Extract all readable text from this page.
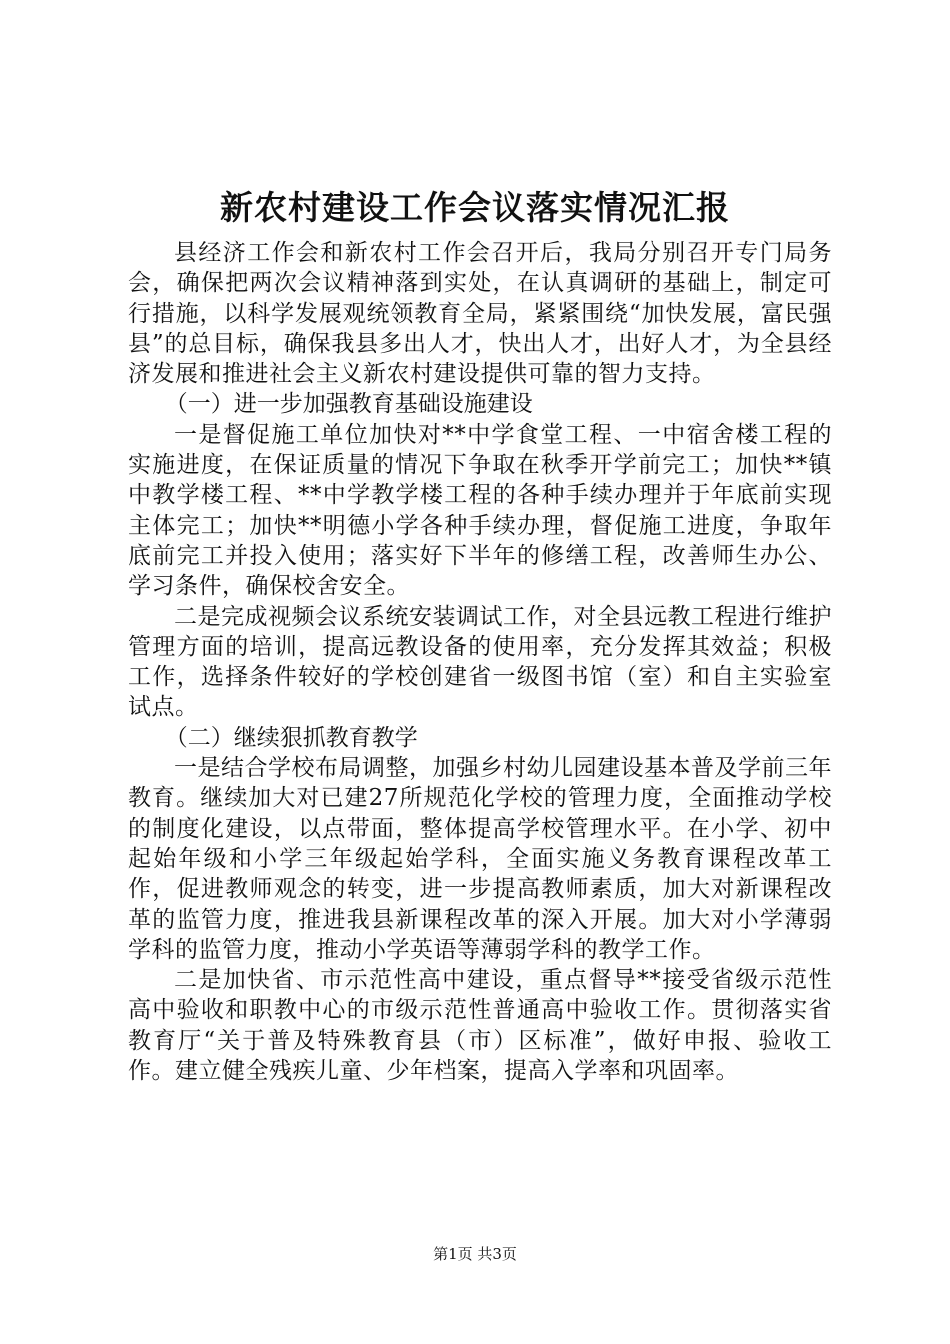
新农村建设工作会议落实情况汇报

县经济工作会和新农村工作会召开后，我局分别召开专门局务会，确保把两次会议精神落到实处，在认真调研的基础上，制定可行措施，以科学发展观统领教育全局，紧紧围绕“加快发展，富民强县”的总目标，确保我县多出人才，快出人才，出好人才，为全县经济发展和推进社会主义新农村建设提供可靠的智力支持。

（一）进一步加强教育基础设施建设

一是督促施工单位加快对**中学食堂工程、一中宿舍楼工程的实施进度，在保证质量的情况下争取在秋季开学前完工；加快**镇中教学楼工程、**中学教学楼工程的各种手续办理并于年底前实现主体完工；加快**明德小学各种手续办理，督促施工进度，争取年底前完工并投入使用；落实好下半年的修缮工程，改善师生办公、学习条件，确保校舍安全。

二是完成视频会议系统安装调试工作，对全县远教工程进行维护管理方面的培训，提高远教设备的使用率，充分发挥其效益；积极工作，选择条件较好的学校创建省一级图书馆（室）和自主实验室试点。

（二）继续狠抓教育教学

一是结合学校布局调整，加强乡村幼儿园建设基本普及学前三年教育。继续加大对已建27所规范化学校的管理力度，全面推动学校的制度化建设，以点带面，整体提高学校管理水平。在小学、初中起始年级和小学三年级起始学科，全面实施义务教育课程改革工作，促进教师观念的转变，进一步提高教师素质，加大对新课程改革的监管力度，推进我县新课程改革的深入开展。加大对小学薄弱学科的监管力度，推动小学英语等薄弱学科的教学工作。

二是加快省、市示范性高中建设，重点督导**接受省级示范性高中验收和职教中心的市级示范性普通高中验收工作。贯彻落实省教育厅“关于普及特殊教育县（市）区标准”，做好申报、验收工作。建立健全残疾儿童、少年档案，提高入学率和巩固率。

第1页 共3页
